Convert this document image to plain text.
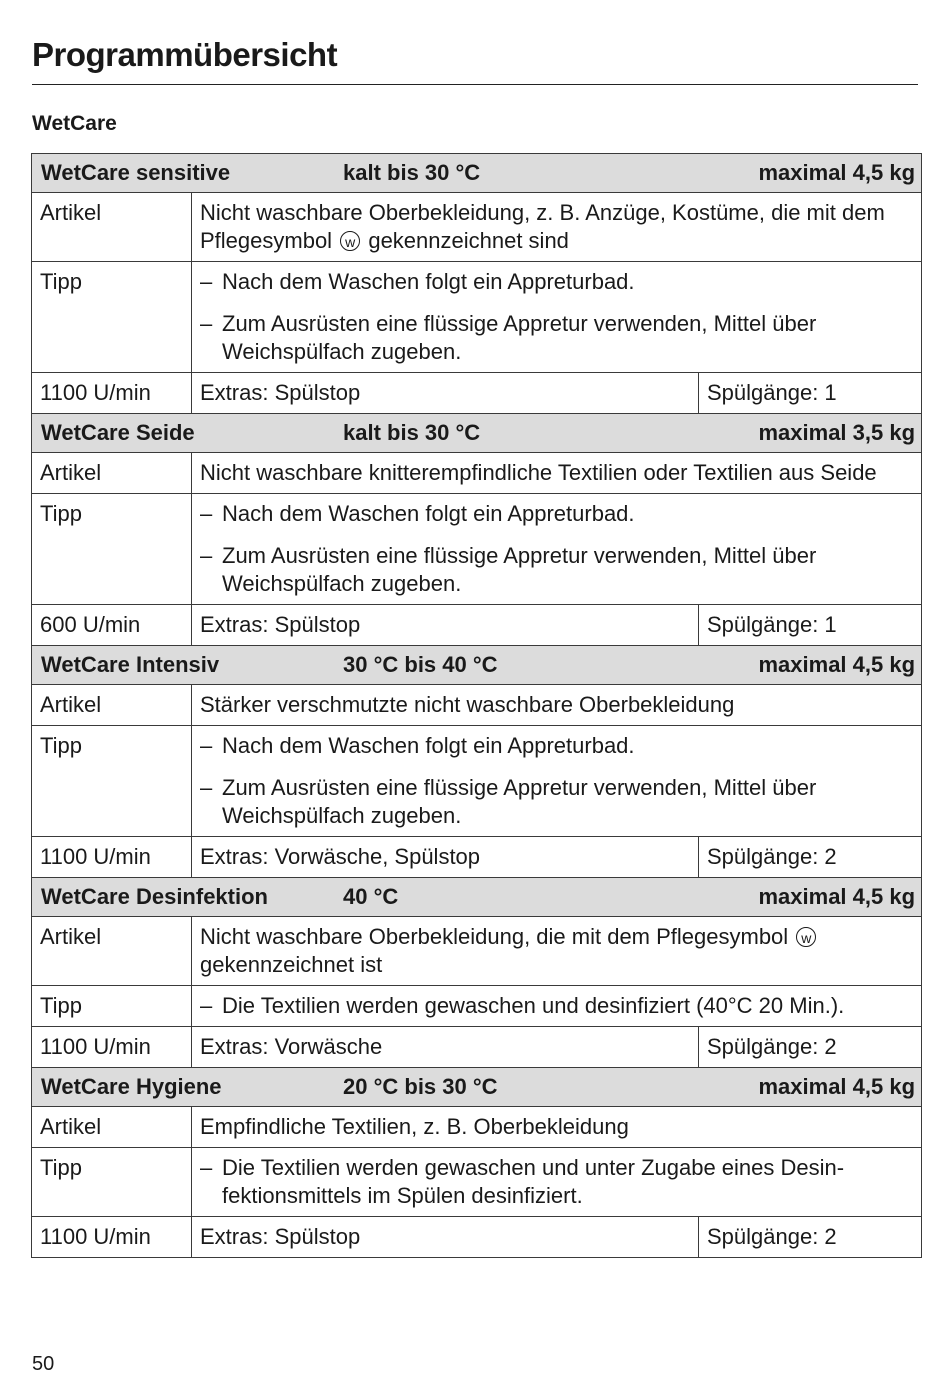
Programmübersicht
WetCare
WetCare sensitive kalt bis 30 °C maximal 4,5 kg		

Artikel	Nicht waschbare Oberbekleidung, z. B. Anzüge, Kostüme, die mit dem Pflegesymbol w gekennzeichnet sind	
Tipp	– Nach dem Waschen folgt ein Appreturbad.
– Zum Ausrüsten eine flüssige Appretur verwenden, Mittel über Weichspülfach zugeben.	

1100 U/min	Extras: Spülstop	Spülgänge: 1

WetCare Seide kalt bis 30 °C maximal 3,5 kg		

Artikel	Nicht waschbare knitterempfindliche Textilien oder Textilien aus Seide	
Tipp	– Nach dem Waschen folgt ein Appreturbad.
– Zum Ausrüsten eine flüssige Appretur verwenden, Mittel über Weichspülfach zugeben.	

600 U/min	Extras: Spülstop	Spülgänge: 1

WetCare Intensiv 30 °C bis 40 °C maximal 4,5 kg		

Artikel	Stärker verschmutzte nicht waschbare Oberbekleidung	
Tipp	– Nach dem Waschen folgt ein Appreturbad.
– Zum Ausrüsten eine flüssige Appretur verwenden, Mittel über Weichspülfach zugeben.	

1100 U/min	Extras: Vorwäsche, Spülstop	Spülgänge: 2

WetCare Desinfektion 40 °C maximal 4,5 kg		

Artikel	Nicht waschbare Oberbekleidung, die mit dem Pflegesymbol w gekennzeichnet ist	
Tipp	– Die Textilien werden gewaschen und desinfiziert (40°C 20 Min.).	

1100 U/min	Extras: Vorwäsche	Spülgänge: 2

WetCare Hygiene 20 °C bis 30 °C maximal 4,5 kg		

Artikel	Empfindliche Textilien, z. B. Oberbekleidung	
Tipp	– Die Textilien werden gewaschen und unter Zugabe eines Desin- fektionsmittels im Spülen desinfiziert.	

1100 U/min	Extras: Spülstop	Spülgänge: 2
50
